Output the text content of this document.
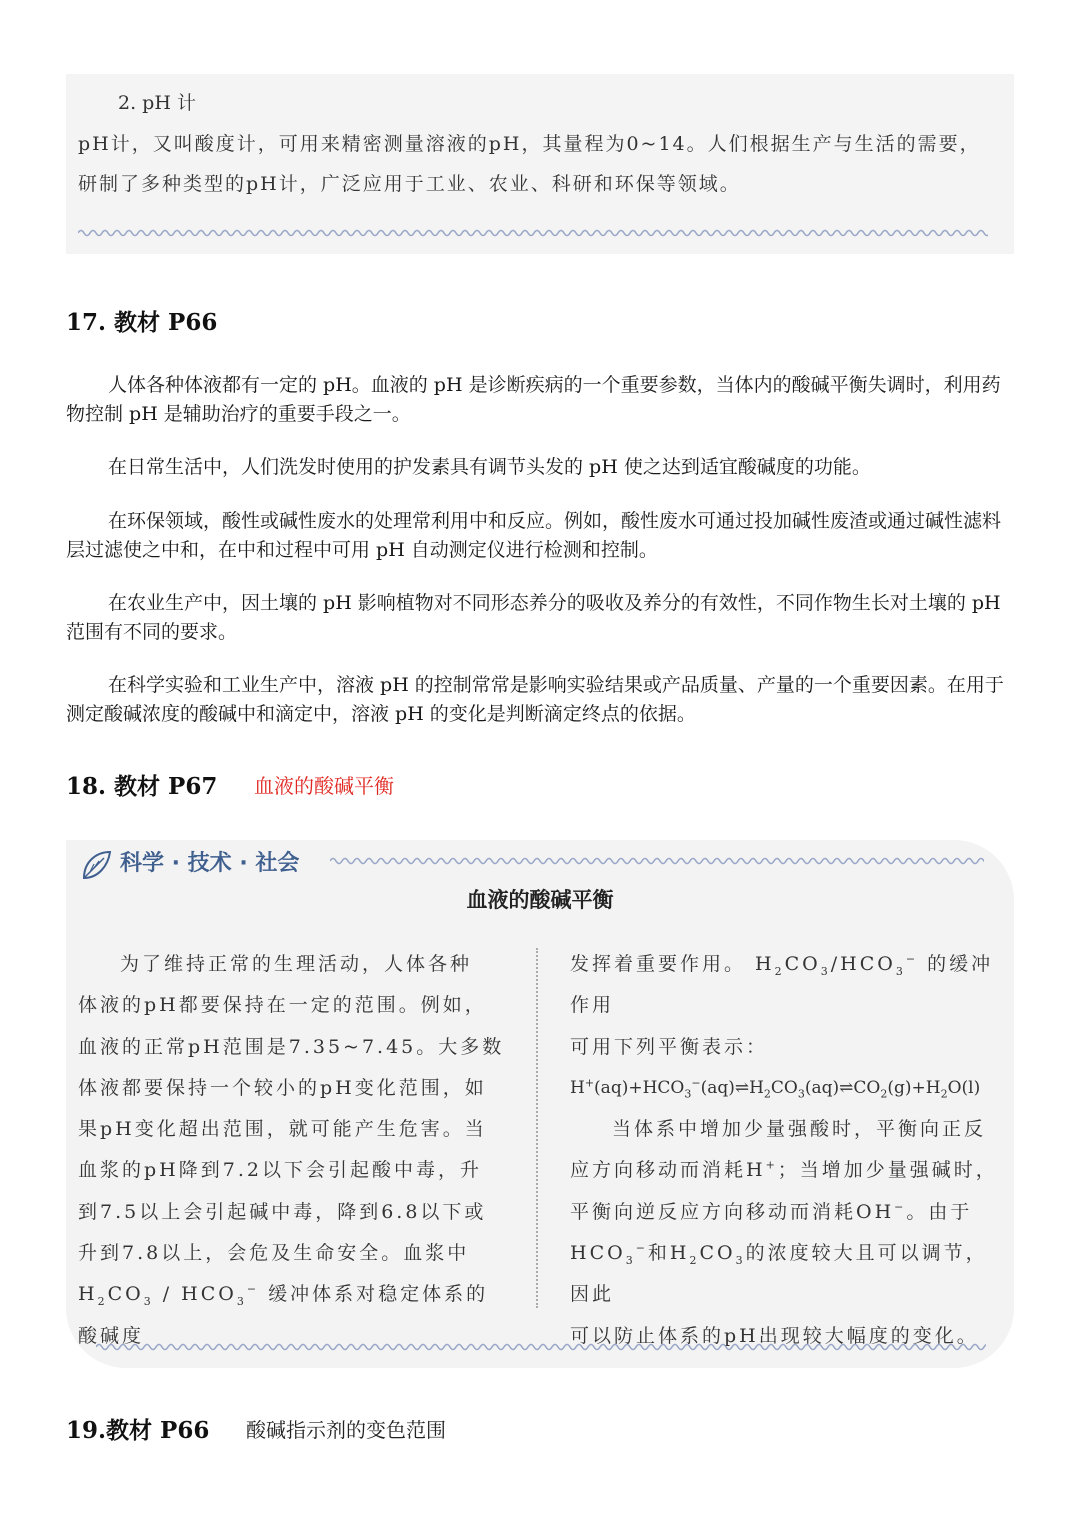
2. pH 计
pH计，又叫酸度计，可用来精密测量溶液的pH，其量程为0~14。人们根据生产与生活的需要，研制了多种类型的pH计，广泛应用于工业、农业、科研和环保等领域。
17. 教材 P66

人体各种体液都有一定的 pH。血液的 pH 是诊断疾病的一个重要参数，当体内的酸碱平衡失调时，利用药物控制 pH 是辅助治疗的重要手段之一。

在日常生活中，人们洗发时使用的护发素具有调节头发的 pH 使之达到适宜酸碱度的功能。

在环保领域，酸性或碱性废水的处理常利用中和反应。例如，酸性废水可通过投加碱性废渣或通过碱性滤料层过滤使之中和，在中和过程中可用 pH 自动测定仪进行检测和控制。

在农业生产中，因土壤的 pH 影响植物对不同形态养分的吸收及养分的有效性，不同作物生长对土壤的 pH 范围有不同的要求。

在科学实验和工业生产中，溶液 pH 的控制常常是影响实验结果或产品质量、产量的一个重要因素。在用于测定酸碱浓度的酸碱中和滴定中，溶液 pH 的变化是判断滴定终点的依据。

18. 教材 P67 血液的酸碱平衡
科学 · 技术 · 社会
血液的酸碱平衡

为了维持正常的生理活动，人体各种

体液的pH都要保持在一定的范围。例如，

血液的正常pH范围是7.35~7.45。大多数

体液都要保持一个较小的pH变化范围，如

果pH变化超出范围，就可能产生危害。当

血浆的pH降到7.2以下会引起酸中毒，升

到7.5以上会引起碱中毒，降到6.8以下或

升到7.8以上，会危及生命安全。血浆中

$H_2CO_3 / HCO_3^-$ 缓冲体系对稳定体系的酸碱度

发挥着重要作用。 $H_2CO_3/HCO_3^-$ 的缓冲作用

可用下列平衡表示：

$H^+(aq)+HCO_3^-(aq)\rightleftharpoons H_2CO_3(aq)\rightleftharpoons CO_2(g)+H_2O(l)$

当体系中增加少量强酸时，平衡向正反

应方向移动而消耗H+；当增加少量强碱时，

平衡向逆反应方向移动而消耗OH−。由于

$HCO_3^-$和$H_2CO_3$的浓度较大且可以调节，因此

可以防止体系的pH出现较大幅度的变化。

19.教材 P66 酸碱指示剂的变色范围
